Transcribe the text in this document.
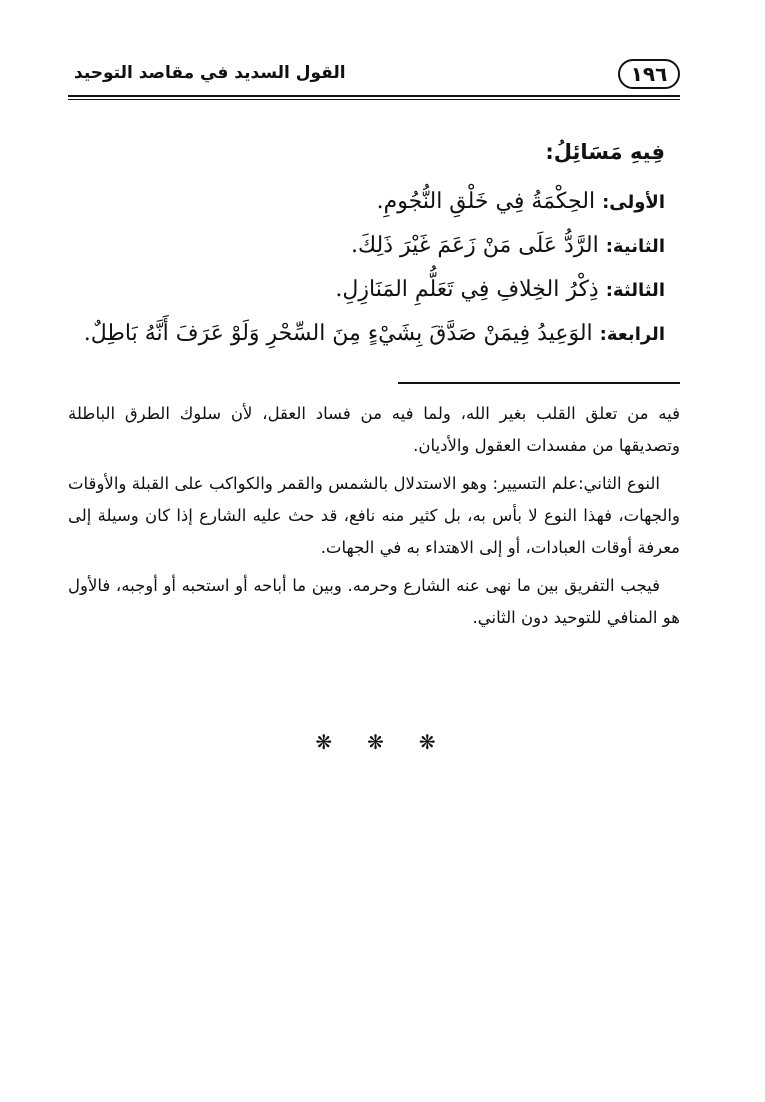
١٩٦
القول السديد في مقاصد التوحيد
فِيهِ مَسَائِلُ:
الأولى: الحِكْمَةُ فِي خَلْقِ النُّجُومِ.
الثانية: الرَّدُّ عَلَى مَنْ زَعَمَ غَيْرَ ذَلِكَ.
الثالثة: ذِكْرُ الخِلافِ فِي تَعَلُّمِ المَنَازِلِ.
الرابعة: الوَعِيدُ فِيمَنْ صَدَّقَ بِشَيْءٍ مِنَ السِّحْرِ وَلَوْ عَرَفَ أَنَّهُ بَاطِلٌ.

فيه من تعلق القلب بغير الله، ولما فيه من فساد العقل، لأن سلوك الطرق الباطلة وتصديقها من مفسدات العقول والأديان.

النوع الثاني:علم التسيير: وهو الاستدلال بالشمس والقمر والكواكب على القبلة والأوقات والجهات، فهذا النوع لا بأس به، بل كثير منه نافع، قد حث عليه الشارع إذا كان وسيلة إلى معرفة أوقات العبادات، أو إلى الاهتداء به في الجهات.

فيجب التفريق بين ما نهى عنه الشارع وحرمه. وبين ما أباحه أو استحبه أو أوجبه، فالأول هو المنافي للتوحيد دون الثاني.

❋ ❋ ❋
